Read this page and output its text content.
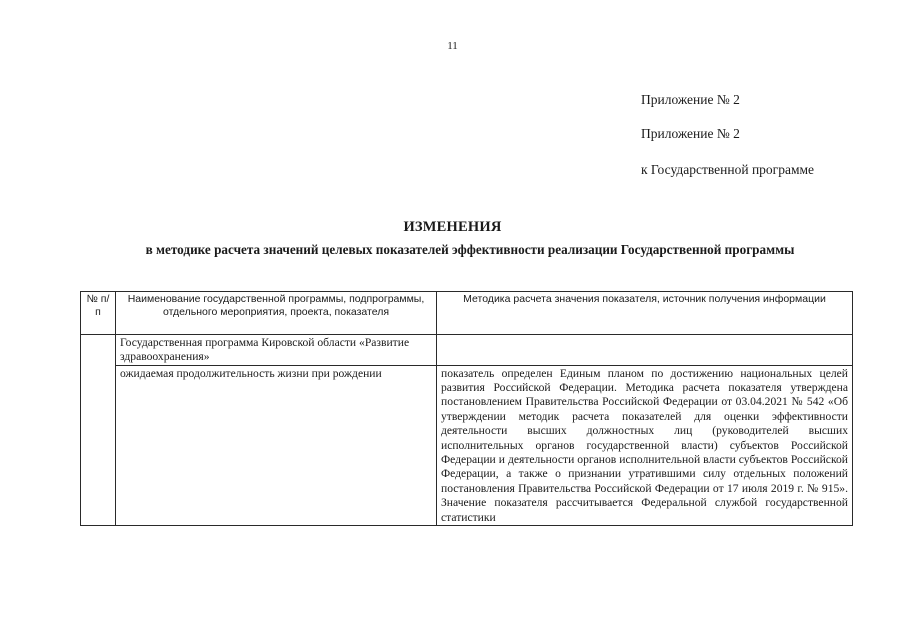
11
Приложение № 2
Приложение № 2
к Государственной программе
ИЗМЕНЕНИЯ
в методике расчета значений целевых показателей эффективности реализации Государственной программы
№ п/п	Наименование государственной программы, подпрограммы, отдельного мероприятия, проекта, показателя	Методика расчета значения показателя, источник получения информации
	Государственная программа Кировской области «Развитие здравоохранения»	
	ожидаемая продолжительность жизни при рождении	показатель определен Единым планом по достижению национальных целей развития Российской Федерации. Методика расчета показателя утверждена постановлением Правительства Российской Федерации от 03.04.2021 № 542 «Об утверждении методик расчета показателей для оценки эффективности деятельности высших должностных лиц (руководителей высших исполнительных органов государственной власти) субъектов Российской Федерации и деятельности органов исполнительной власти субъектов Российской Федерации, а также о признании утратившими силу отдельных положений постановления Правительства Российской Федерации от 17 июля 2019 г. № 915». Значение показателя рассчитывается Федеральной службой государственной статистики
